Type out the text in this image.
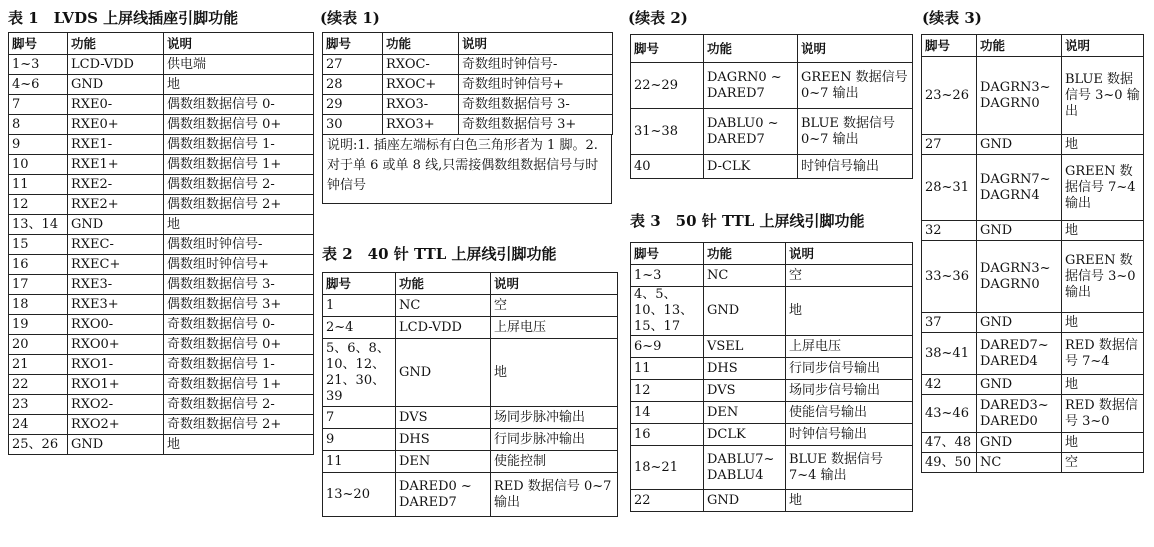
表 1　LVDS 上屏线插座引脚功能
脚号	功能	说明
1~3	LCD-VDD	供电端
4~6	GND	地
7	RXE0-	偶数组数据信号 0-
8	RXE0+	偶数组数据信号 0+
9	RXE1-	偶数组数据信号 1-
10	RXE1+	偶数组数据信号 1+
11	RXE2-	偶数组数据信号 2-
12	RXE2+	偶数组数据信号 2+
13、14	GND	地
15	RXEC-	偶数组时钟信号-
16	RXEC+	偶数组时钟信号+
17	RXE3-	偶数组数据信号 3-
18	RXE3+	偶数组数据信号 3+
19	RXO0-	奇数组数据信号 0-
20	RXO0+	奇数组数据信号 0+
21	RXO1-	奇数组数据信号 1-
22	RXO1+	奇数组数据信号 1+
23	RXO2-	奇数组数据信号 2-
24	RXO2+	奇数组数据信号 2+
25、26	GND	地
(续表 1)
脚号	功能	说明
27	RXOC-	奇数组时钟信号-
28	RXOC+	奇数组时钟信号+
29	RXO3-	奇数组数据信号 3-
30	RXO3+	奇数组数据信号 3+
说明:1. 插座左端标有白色三角形者为 1 脚。2.对于单 6 或单 8 线,只需接偶数组数据信号与时钟信号
表 2　40 针 TTL 上屏线引脚功能
脚号	功能	说明
1	NC	空
2~4	LCD-VDD	上屏电压
5、6、8、10、12、21、30、39	GND	地
7	DVS	场同步脉冲输出
9	DHS	行同步脉冲输出
11	DEN	使能控制
13~20	DARED0 ~ DARED7	RED 数据信号 0~7 输出
(续表 2)
脚号	功能	说明
22~29	DAGRN0 ~ DARED7	GREEN 数据信号 0~7 输出
31~38	DABLU0 ~ DARED7	BLUE 数据信号 0~7 输出
40	D-CLK	时钟信号输出
表 3　50 针 TTL 上屏线引脚功能
脚号	功能	说明
1~3	NC	空
4、5、10、13、15、17	GND	地
6~9	VSEL	上屏电压
11	DHS	行同步信号输出
12	DVS	场同步信号输出
14	DEN	使能信号输出
16	DCLK	时钟信号输出
18~21	DABLU7~ DABLU4	BLUE 数据信号 7~4 输出
22	GND	地
(续表 3)
脚号	功能	说明
23~26	DAGRN3~ DAGRN0	BLUE 数据信号 3~0 输出
27	GND	地
28~31	DAGRN7~ DAGRN4	GREEN 数据信号 7~4 输出
32	GND	地
33~36	DAGRN3~ DAGRN0	GREEN 数据信号 3~0 输出
37	GND	地
38~41	DARED7~ DARED4	RED 数据信号 7~4
42	GND	地
43~46	DARED3~ DARED0	RED 数据信号 3~0
47、48	GND	地
49、50	NC	空
